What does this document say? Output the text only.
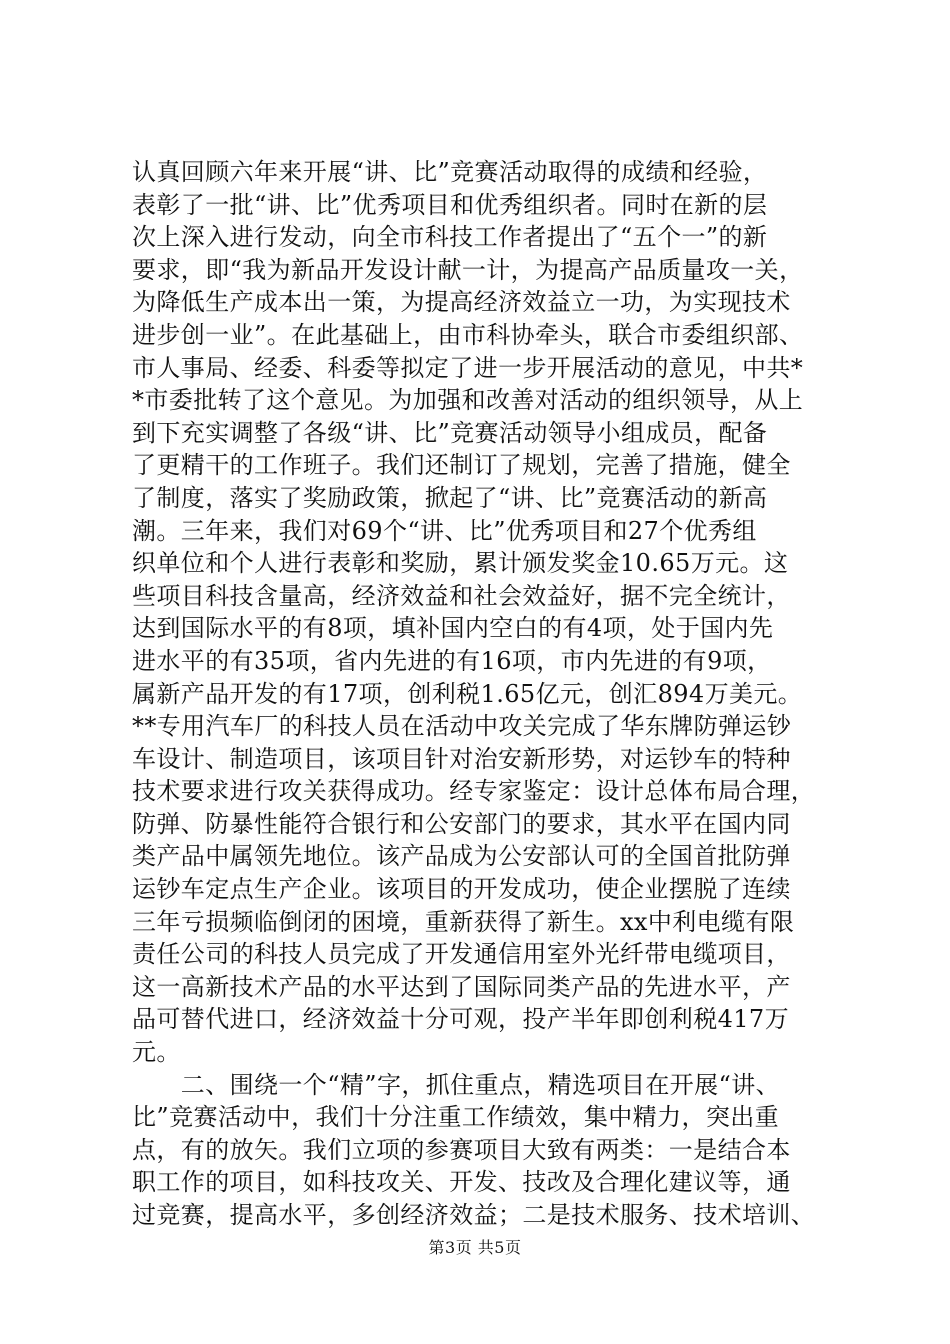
认真回顾六年来开展“讲、比”竞赛活动取得的成绩和经验，
表彰了一批“讲、比”优秀项目和优秀组织者。同时在新的层
次上深入进行发动，向全市科技工作者提出了“五个一”的新
要求，即“我为新品开发设计献一计，为提高产品质量攻一关，
为降低生产成本出一策，为提高经济效益立一功，为实现技术
进步创一业”。在此基础上，由市科协牵头，联合市委组织部、
市人事局、经委、科委等拟定了进一步开展活动的意见，中共*
*市委批转了这个意见。为加强和改善对活动的组织领导，从上
到下充实调整了各级“讲、比”竞赛活动领导小组成员，配备
了更精干的工作班子。我们还制订了规划，完善了措施，健全
了制度，落实了奖励政策，掀起了“讲、比”竞赛活动的新高
潮。三年来，我们对69个“讲、比”优秀项目和27个优秀组
织单位和个人进行表彰和奖励，累计颁发奖金10.65万元。这
些项目科技含量高，经济效益和社会效益好，据不完全统计，
达到国际水平的有8项，填补国内空白的有4项，处于国内先
进水平的有35项，省内先进的有16项，市内先进的有9项，
属新产品开发的有17项，创利税1.65亿元，创汇894万美元。
**专用汽车厂的科技人员在活动中攻关完成了华东牌防弹运钞
车设计、制造项目，该项目针对治安新形势，对运钞车的特种
技术要求进行攻关获得成功。经专家鉴定：设计总体布局合理，
防弹、防暴性能符合银行和公安部门的要求，其水平在国内同
类产品中属领先地位。该产品成为公安部认可的全国首批防弹
运钞车定点生产企业。该项目的开发成功，使企业摆脱了连续
三年亏损频临倒闭的困境，重新获得了新生。xx中利电缆有限
责任公司的科技人员完成了开发通信用室外光纤带电缆项目，
这一高新技术产品的水平达到了国际同类产品的先进水平，产
品可替代进口，经济效益十分可观，投产半年即创利税417万
元。
　　二、围绕一个“精”字，抓住重点，精选项目在开展“讲、
比”竞赛活动中，我们十分注重工作绩效，集中精力，突出重
点，有的放矢。我们立项的参赛项目大致有两类：一是结合本
职工作的项目，如科技攻关、开发、技改及合理化建议等，通
过竞赛，提高水平，多创经济效益；二是技术服务、技术培训、
第3页 共5页
